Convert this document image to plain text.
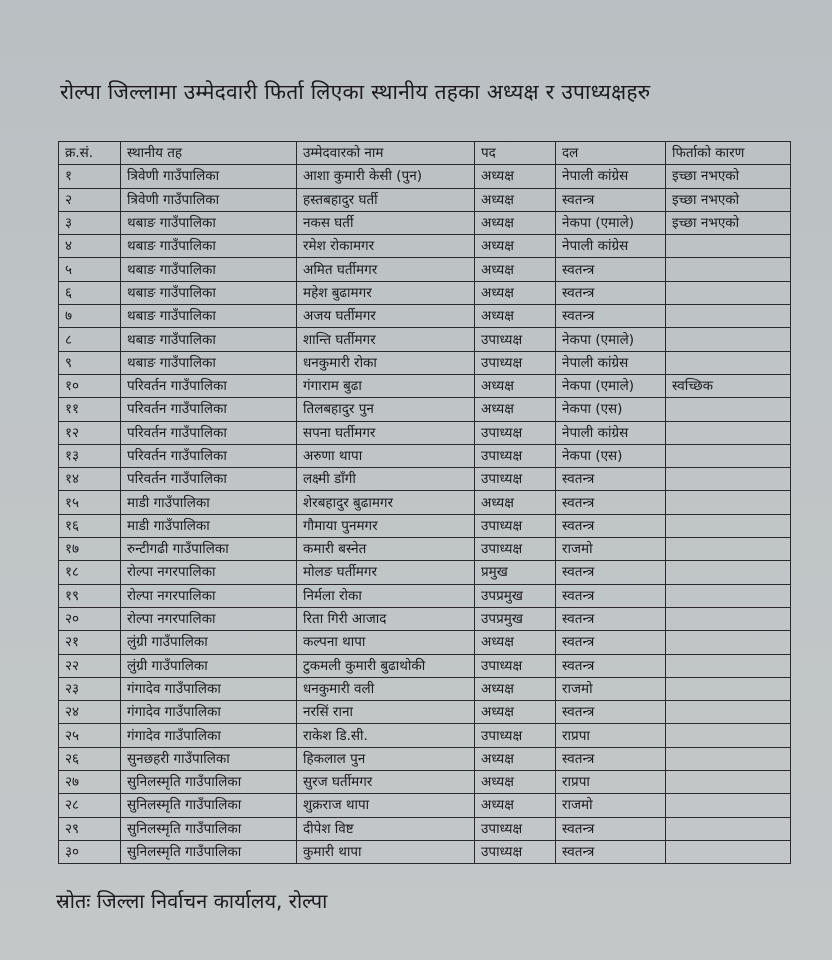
रोल्पा जिल्लामा उम्मेदवारी फिर्ता लिएका स्थानीय तहका अध्यक्ष र उपाध्यक्षहरु
क्र.सं.	स्थानीय तह	उम्मेदवारको नाम	पद	दल	फिर्ताको कारण
१	त्रिवेणी गाउँपालिका	आशा कुमारी केसी (पुन)	अध्यक्ष	नेपाली कांग्रेस	इच्छा नभएको
२	त्रिवेणी गाउँपालिका	हस्तबहादुर घर्ती	अध्यक्ष	स्वतन्त्र	इच्छा नभएको
३	थबाङ गाउँपालिका	नकस घर्ती	अध्यक्ष	नेकपा (एमाले)	इच्छा नभएको
४	थबाङ गाउँपालिका	रमेश रोकामगर	अध्यक्ष	नेपाली कांग्रेस	
५	थबाङ गाउँपालिका	अमित घर्तीमगर	अध्यक्ष	स्वतन्त्र	
६	थबाङ गाउँपालिका	महेश बुढामगर	अध्यक्ष	स्वतन्त्र	
७	थबाङ गाउँपालिका	अजय घर्तीमगर	अध्यक्ष	स्वतन्त्र	
८	थबाङ गाउँपालिका	शान्ति घर्तीमगर	उपाध्यक्ष	नेकपा (एमाले)	
९	थबाङ गाउँपालिका	धनकुमारी रोका	उपाध्यक्ष	नेपाली कांग्रेस	
१०	परिवर्तन गाउँपालिका	गंगाराम बुढा	अध्यक्ष	नेकपा (एमाले)	स्वच्छिक
११	परिवर्तन गाउँपालिका	तिलबहादुर पुन	अध्यक्ष	नेकपा (एस)	
१२	परिवर्तन गाउँपालिका	सपना घर्तीमगर	उपाध्यक्ष	नेपाली कांग्रेस	
१३	परिवर्तन गाउँपालिका	अरुणा थापा	उपाध्यक्ष	नेकपा (एस)	
१४	परिवर्तन गाउँपालिका	लक्ष्मी डाँगी	उपाध्यक्ष	स्वतन्त्र	
१५	माडी गाउँपालिका	शेरबहादुर बुढामगर	अध्यक्ष	स्वतन्त्र	
१६	माडी गाउँपालिका	गौमाया पुनमगर	उपाध्यक्ष	स्वतन्त्र	
१७	रुन्टीगढी गाउँपालिका	कमारी बस्नेत	उपाध्यक्ष	राजमो	
१८	रोल्पा नगरपालिका	मोलङ घर्तीमगर	प्रमुख	स्वतन्त्र	
१९	रोल्पा नगरपालिका	निर्मला रोका	उपप्रमुख	स्वतन्त्र	
२०	रोल्पा नगरपालिका	रिता गिरी आजाद	उपप्रमुख	स्वतन्त्र	
२१	लुंग्री गाउँपालिका	कल्पना थापा	अध्यक्ष	स्वतन्त्र	
२२	लुंग्री गाउँपालिका	टुकमली कुमारी बुढाथोकी	उपाध्यक्ष	स्वतन्त्र	
२३	गंगादेव गाउँपालिका	धनकुमारी वली	अध्यक्ष	राजमो	
२४	गंगादेव गाउँपालिका	नरसिं राना	अध्यक्ष	स्वतन्त्र	
२५	गंगादेव गाउँपालिका	राकेश डि.सी.	उपाध्यक्ष	राप्रपा	
२६	सुनछहरी गाउँपालिका	हिकलाल पुन	अध्यक्ष	स्वतन्त्र	
२७	सुनिलस्मृति गाउँपालिका	सुरज घर्तीमगर	अध्यक्ष	राप्रपा	
२८	सुनिलस्मृति गाउँपालिका	शुक्रराज थापा	अध्यक्ष	राजमो	
२९	सुनिलस्मृति गाउँपालिका	दीपेश विष्ट	उपाध्यक्ष	स्वतन्त्र	
३०	सुनिलस्मृति गाउँपालिका	कुमारी थापा	उपाध्यक्ष	स्वतन्त्र	
स्रोतः जिल्ला निर्वाचन कार्यालय, रोल्पा
